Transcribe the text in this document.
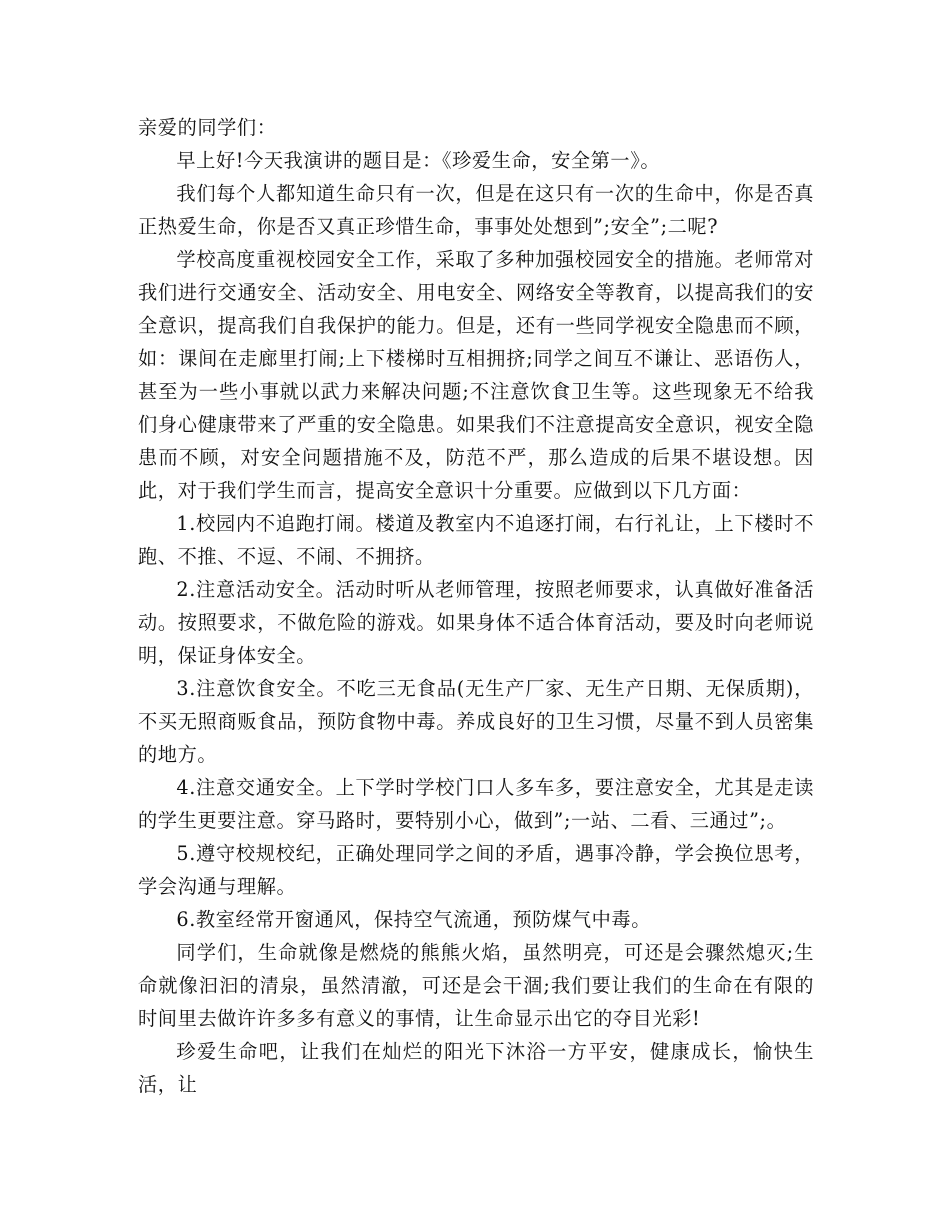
亲爱的同学们：

早上好!今天我演讲的题目是：《珍爱生命，安全第一》。

我们每个人都知道生命只有一次，但是在这只有一次的生命中，你是否真正热爱生命，你是否又真正珍惜生命，事事处处想到”;安全”;二呢?

学校高度重视校园安全工作，采取了多种加强校园安全的措施。老师常对我们进行交通安全、活动安全、用电安全、网络安全等教育，以提高我们的安全意识，提高我们自我保护的能力。但是，还有一些同学视安全隐患而不顾，如：课间在走廊里打闹;上下楼梯时互相拥挤;同学之间互不谦让、恶语伤人，甚至为一些小事就以武力来解决问题;不注意饮食卫生等。这些现象无不给我们身心健康带来了严重的安全隐患。如果我们不注意提高安全意识，视安全隐患而不顾，对安全问题措施不及，防范不严，那么造成的后果不堪设想。因此，对于我们学生而言，提高安全意识十分重要。应做到以下几方面：

1.校园内不追跑打闹。楼道及教室内不追逐打闹，右行礼让，上下楼时不跑、不推、不逗、不闹、不拥挤。

2.注意活动安全。活动时听从老师管理，按照老师要求，认真做好准备活动。按照要求，不做危险的游戏。如果身体不适合体育活动，要及时向老师说明，保证身体安全。

3.注意饮食安全。不吃三无食品(无生产厂家、无生产日期、无保质期)，不买无照商贩食品，预防食物中毒。养成良好的卫生习惯，尽量不到人员密集的地方。

4.注意交通安全。上下学时学校门口人多车多，要注意安全，尤其是走读的学生更要注意。穿马路时，要特别小心，做到”;一站、二看、三通过”;。

5.遵守校规校纪，正确处理同学之间的矛盾，遇事冷静，学会换位思考，学会沟通与理解。

6.教室经常开窗通风，保持空气流通，预防煤气中毒。

同学们，生命就像是燃烧的熊熊火焰，虽然明亮，可还是会骤然熄灭;生命就像汩汩的清泉，虽然清澈，可还是会干涸;我们要让我们的生命在有限的时间里去做许许多多有意义的事情，让生命显示出它的夺目光彩!

珍爱生命吧，让我们在灿烂的阳光下沐浴一方平安，健康成长，愉快生活，让
